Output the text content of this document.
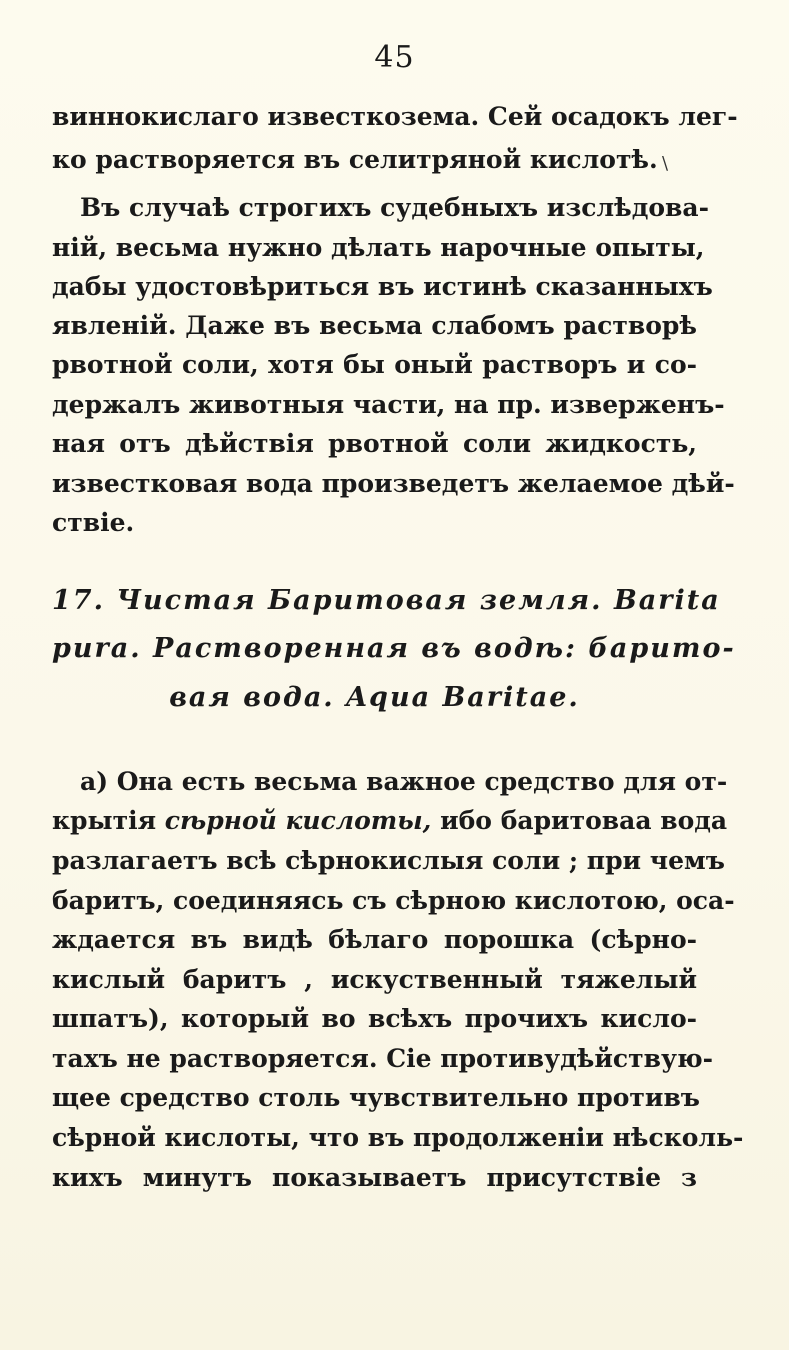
45
виннокислаго известкозема. Сей осадокъ лег-
ко растворяется въ селитряной кислотѣ. \
Въ случаѣ строгихъ судебныхъ изслѣдова-
ній, весьма нужно дѣлать нарочные опыты,
дабы удостовѣриться въ истинѣ сказанныхъ
явленій. Даже въ весьма слабомъ растворѣ
рвотной соли, хотя бы оный растворъ и со-
держалъ животныя части, на пр. изверженъ-
ная отъ дѣйствія рвотной соли жидкость,
известковая вода произведетъ желаемое дѣй-
ствіе.
17. Чистая Баритовая земля. Barita
pura. Растворенная въ водѣ: барито-
вая вода. Aqua Baritae.
а) Она есть весьма важное средство для от-
крытія сѣрной кислоты, ибо баритоваа вода
разлагаетъ всѣ сѣрнокислыя соли ; при чемъ
баритъ, соединяясь съ сѣрною кислотою, оса-
ждается въ видѣ бѣлаго порошка (сѣрно-
кислый баритъ , искуственный тяжелый
шпатъ), который во всѣхъ прочихъ кисло-
тахъ не растворяется. Сіе противудѣйствую-
щее средство столь чувствительно противъ
сѣрной кислоты, что въ продолженіи нѣсколь-
кихъ минутъ показываетъ присутствіе з
